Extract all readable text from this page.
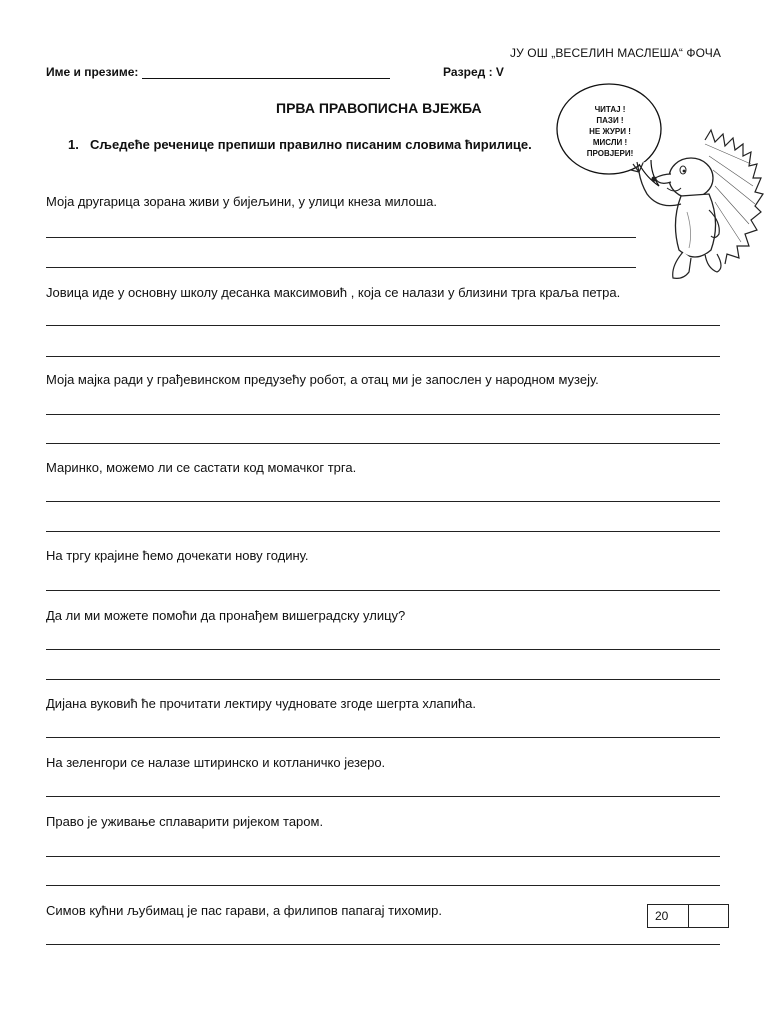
ЈУ ОШ „ВЕСЕЛИН МАСЛЕША“ ФОЧА
Име и презиме:	Разред : V
ПРВА ПРАВОПИСНА ВЈЕЖБА
1. Сљедеће реченице препиши правилно писаним словима ћирилице.
ЧИТАЈ !
ПАЗИ !
НЕ ЖУРИ !
МИСЛИ !
ПРОВЈЕРИ!
Моја другарица зорана живи у бијељини, у улици кнеза милоша.
Јовица иде у основну школу десанка максимовић , која се налази у близини трга краља петра.
Моја мајка ради у грађевинском предузећу робот, а отац ми је запослен у народном музеју.
Маринко, можемо ли се састати код момачког трга.
На тргу крајине ћемо дочекати нову годину.
Да ли ми можете помоћи да пронађем вишеградску улицу?
Дијана вуковић ће прочитати лектиру чудновате згоде шегрта хлапића.
На зеленгори се налазе штиринско и котланичко језеро.
Право је уживање сплаварити ријеком таром.
Симов кућни љубимац је пас гарави, а филипов папагај тихомир.	20
